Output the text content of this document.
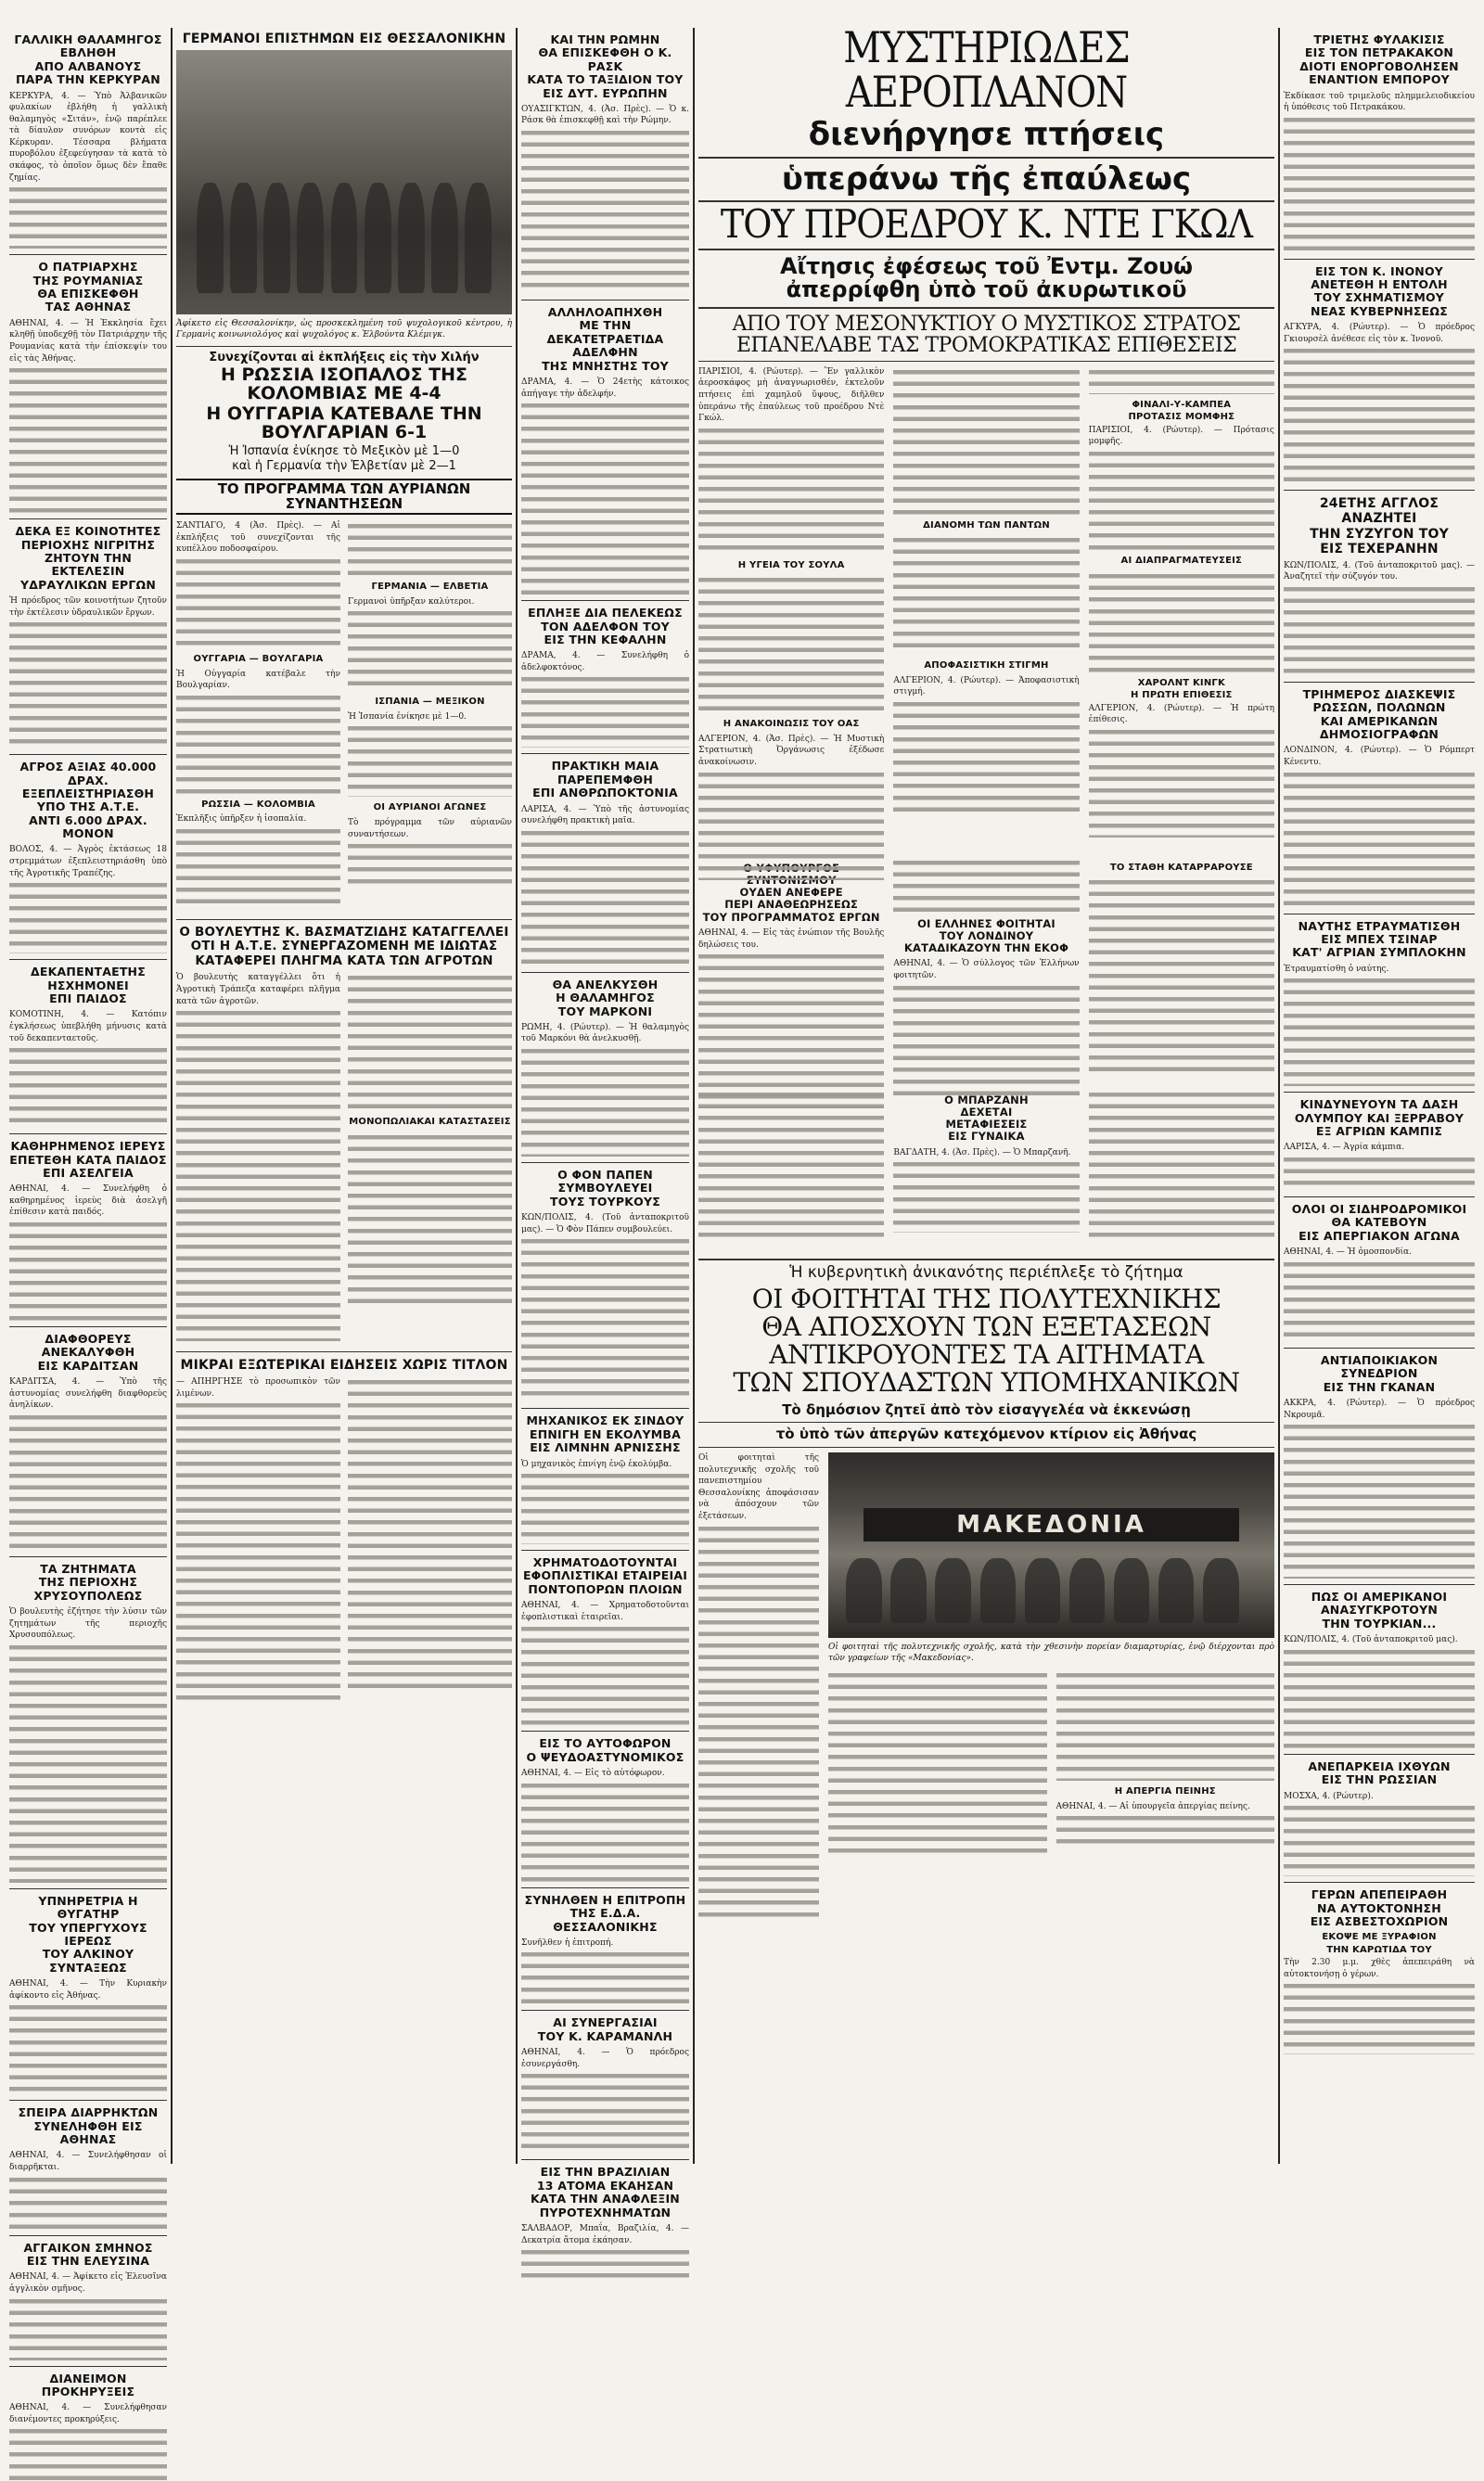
ΓΑΛΛΙΚΗ ΘΑΛΑΜΗΓΟΣ
ΕΒΛΗΘΗ
ΑΠΟ ΑΛΒΑΝΟΥΣ
ΠΑΡΑ ΤΗΝ ΚΕΡΚΥΡΑΝ

ΚΕΡΚΥΡΑ, 4. — Ὑπὸ Ἀλβανικῶν φυλακίων ἐβλήθη ἡ γαλλικὴ θαλαμηγὸς «Σιτάν», ἐνῷ παρέπλεε τὰ δίαυλον συνόρων κοντὰ εἰς Κέρκυραν. Τέσσαρα βλήματα πυροβόλου ἐξεφεύγησαν τὰ κατὰ τὸ σκάφος, τὸ ὁποῖον ὅμως δὲν ἔπαθε ζημίας.

Ο ΠΑΤΡΙΑΡΧΗΣ
ΤΗΣ ΡΟΥΜΑΝΙΑΣ
ΘΑ ΕΠΙΣΚΕΦΘΗ
ΤΑΣ ΑΘΗΝΑΣ

ΑΘΗΝΑΙ, 4. — Ἡ Ἐκκλησία ἔχει κληθῇ ὑποδεχθῇ τὸν Πατριάρχην τῆς Ρουμανίας κατὰ τὴν ἐπίσκεψίν του εἰς τὰς Ἀθήνας.

ΔΕΚΑ ΕΞ ΚΟΙΝΟΤΗΤΕΣ
ΠΕΡΙΟΧΗΣ ΝΙΓΡΙΤΗΣ
ΖΗΤΟΥΝ ΤΗΝ ΕΚΤΕΛΕΣΙΝ
ΥΔΡΑΥΛΙΚΩΝ ΕΡΓΩΝ

Ἡ πρόεδρος τῶν κοινοτήτων ζητοῦν τὴν ἐκτέλεσιν ὑδραυλικῶν ἔργων.

ΑΓΡΟΣ ΑΞΙΑΣ 40.000 ΔΡΑΧ.
ΕΞΕΠΛΕΙΣΤΗΡΙΑΣΘΗ
ΥΠΟ ΤΗΣ Α.Τ.Ε.
ΑΝΤΙ 6.000 ΔΡΑΧ. ΜΟΝΟΝ

ΒΟΛΟΣ, 4. — Ἀγρὸς ἐκτάσεως 18 στρεμμάτων ἐξεπλειστηριάσθη ὑπὸ τῆς Ἀγροτικῆς Τραπέζης.

ΔΕΚΑΠΕΝΤΑΕΤΗΣ
ΗΣΧΗΜΟΝΕΙ
ΕΠΙ ΠΑΙΔΟΣ

ΚΟΜΟΤΙΝΗ, 4. — Κατόπιν ἐγκλήσεως ὑπεβλήθη μήνυσις κατὰ τοῦ δεκαπενταετοῦς.

ΚΑΘΗΡΗΜΕΝΟΣ ΙΕΡΕΥΣ
ΕΠΕΤΕΘΗ ΚΑΤΑ ΠΑΙΔΟΣ
ΕΠΙ ΑΣΕΛΓΕΙΑ

ΑΘΗΝΑΙ, 4. — Συνελήφθη ὁ καθηρημένος ἱερεὺς διὰ ἀσελγῆ ἐπίθεσιν κατὰ παιδός.

ΔΙΑΦΘΟΡΕΥΣ
ΑΝΕΚΑΛΥΦΘΗ
ΕΙΣ ΚΑΡΔΙΤΣΑΝ

ΚΑΡΔΙΤΣΑ, 4. — Ὑπὸ τῆς ἀστυνομίας συνελήφθη διαφθορεὺς ἀνηλίκων.

ΤΑ ΖΗΤΗΜΑΤΑ
ΤΗΣ ΠΕΡΙΟΧΗΣ
ΧΡΥΣΟΥΠΟΛΕΩΣ

Ὁ βουλευτὴς ἐζήτησε τὴν λύσιν τῶν ζητημάτων τῆς περιοχῆς Χρυσουπόλεως.

ΥΠΝΗΡΕΤΡΙΑ Η ΘΥΓΑΤΗΡ
ΤΟΥ ΥΠΕΡΓΥΧΟΥΣ ΙΕΡΕΩΣ
ΤΟΥ ΑΛΚΙΝΟΥ ΣΥΝΤΑΞΕΩΣ

ΑΘΗΝΑΙ, 4. — Τὴν Κυριακὴν ἀφίκοντο εἰς Ἀθήνας.

ΣΠΕΙΡΑ ΔΙΑΡΡΗΚΤΩΝ
ΣΥΝΕΛΗΦΘΗ ΕΙΣ ΑΘΗΝΑΣ

ΑΘΗΝΑΙ, 4. — Συνελήφθησαν οἱ διαρρῆκται.

ΑΓΓΑΙΚΟΝ ΣΜΗΝΟΣ
ΕΙΣ ΤΗΝ ΕΛΕΥΣΙΝΑ

ΑΘΗΝΑΙ, 4. — Ἀφίκετο εἰς Ἐλευσῖνα ἀγγλικὸν σμῆνος.

ΔΙΑΝΕΙΜΟΝ ΠΡΟΚΗΡΥΞΕΙΣ

ΑΘΗΝΑΙ, 4. — Συνελήφθησαν διανέμοντες προκηρύξεις.

ΓΕΡΜΑΝΟΙ ΕΠΙΣΤΗΜΩΝ ΕΙΣ ΘΕΣΣΑΛΟΝΙΚΗΝ

Ἀφίκετο εἰς Θεσσαλονίκην, ὡς προσκεκλημένη τοῦ ψυχολογικοῦ κέντρου, ἡ Γερμανὶς κοινωνιολόγος καὶ ψυχολόγος κ. Ἐλβούντα Κλέμιγκ.

Συνεχίζονται αἱ ἐκπλήξεις εἰς τὴν Χιλήν
Η ΡΩΣΣΙΑ ΙΣΟΠΑΛΟΣ ΤΗΣ ΚΟΛΟΜΒΙΑΣ ΜΕ 4-4
Η ΟΥΓΓΑΡΙΑ ΚΑΤΕΒΑΛΕ ΤΗΝ ΒΟΥΛΓΑΡΙΑΝ 6-1
Ἡ Ἰσπανία ἐνίκησε τὸ Μεξικὸν μὲ 1—0
καὶ ἡ Γερμανία τὴν Ἐλβετίαν μὲ 2—1
ΤΟ ΠΡΟΓΡΑΜΜΑ ΤΩΝ ΑΥΡΙΑΝΩΝ ΣΥΝΑΝΤΗΣΕΩΝ

ΣΑΝΤΙΑΓΟ, 4 (Ἀσ. Πρὲς). — Αἱ ἐκπλήξεις τοῦ συνεχίζονται τῆς κυπέλλου ποδοσφαίρου.

ΟΥΓΓΑΡΙΑ — ΒΟΥΛΓΑΡΙΑ

Ἡ Οὐγγαρία κατέβαλε τὴν Βουλγαρίαν.

ΡΩΣΣΙΑ — ΚΟΛΟΜΒΙΑ

Ἐκπλῆξις ὑπῆρξεν ἡ ἰσοπαλία.

ΓΕΡΜΑΝΙΑ — ΕΛΒΕΤΙΑ

Γερμανοὶ ὑπῆρξαν καλύτεροι.

ΙΣΠΑΝΙΑ — ΜΕΞΙΚΟΝ

Ἡ Ἰσπανία ἐνίκησε μὲ 1—0.

ΟΙ ΑΥΡΙΑΝΟΙ ΑΓΩΝΕΣ

Τὸ πρόγραμμα τῶν αὐριανῶν συναντήσεων.

Ο ΒΟΥΛΕΥΤΗΣ Κ. ΒΑΣΜΑΤΖΙΔΗΣ ΚΑΤΑΓΓΕΛΛΕΙ
ΟΤΙ Η Α.Τ.Ε. ΣΥΝΕΡΓΑΖΟΜΕΝΗ ΜΕ ΙΔΙΩΤΑΣ
ΚΑΤΑΦΕΡΕΙ ΠΛΗΓΜΑ ΚΑΤΑ ΤΩΝ ΑΓΡΟΤΩΝ

Ὁ βουλευτὴς καταγγέλλει ὅτι ἡ Ἀγροτικὴ Τράπεζα καταφέρει πλῆγμα κατὰ τῶν ἀγροτῶν.

ΜΟΝΟΠΩΛΙΑΚΑΙ ΚΑΤΑΣΤΑΣΕΙΣ

ΜΙΚΡΑΙ ΕΞΩΤΕΡΙΚΑΙ ΕΙΔΗΣΕΙΣ ΧΩΡΙΣ ΤΙΤΛΟΝ

— ΑΠΗΡΓΗΣΕ τὸ προσωπικὸν τῶν λιμένων.

ΚΑΙ ΤΗΝ ΡΩΜΗΝ
ΘΑ ΕΠΙΣΚΕΦΘΗ Ο Κ. ΡΑΣΚ
ΚΑΤΑ ΤΟ ΤΑΞΙΔΙΟΝ ΤΟΥ
ΕΙΣ ΔΥΤ. ΕΥΡΩΠΗΝ

ΟΥΑΣΙΓΚΤΩΝ, 4. (Ἀσ. Πρὲς). — Ὁ κ. Ράσκ θὰ ἐπισκεφθῇ καὶ τὴν Ρώμην.

ΑΛΛΗΛΟΑΠΗΧΘΗ
ΜΕ ΤΗΝ ΔΕΚΑΤΕΤΡΑΕΤΙΔΑ
ΑΔΕΛΦΗΝ
ΤΗΣ ΜΝΗΣΤΗΣ ΤΟΥ

ΔΡΑΜΑ, 4. — Ὁ 24ετὴς κάτοικος ἀπήγαγε τὴν ἀδελφήν.

ΕΠΛΗΞΕ ΔΙΑ ΠΕΛΕΚΕΩΣ
ΤΟΝ ΑΔΕΛΦΟΝ ΤΟΥ
ΕΙΣ ΤΗΝ ΚΕΦΑΛΗΝ

ΔΡΑΜΑ, 4. — Συνελήφθη ὁ ἀδελφοκτόνος.

ΠΡΑΚΤΙΚΗ ΜΑΙΑ
ΠΑΡΕΠΕΜΦΘΗ
ΕΠΙ ΑΝΘΡΩΠΟΚΤΟΝΙΑ

ΛΑΡΙΣΑ, 4. — Ὑπὸ τῆς ἀστυνομίας συνελήφθη πρακτικὴ μαῖα.

ΘΑ ΑΝΕΛΚΥΣΘΗ
Η ΘΑΛΑΜΗΓΟΣ
ΤΟΥ ΜΑΡΚΟΝΙ

ΡΩΜΗ, 4. (Ρώυτερ). — Ἡ θαλαμηγὸς τοῦ Μαρκόνι θὰ ἀνελκυσθῇ.

Ο ΦΟΝ ΠΑΠΕΝ
ΣΥΜΒΟΥΛΕΥΕΙ
ΤΟΥΣ ΤΟΥΡΚΟΥΣ

ΚΩΝ/ΠΟΛΙΣ, 4. (Τοῦ ἀνταποκριτοῦ μας). — Ὁ Φὸν Πάπεν συμβουλεύει.

ΜΗΧΑΝΙΚΟΣ ΕΚ ΣΙΝΔΟΥ
ΕΠΝΙΓΗ ΕΝ ΕΚΟΛΥΜΒΑ
ΕΙΣ ΛΙΜΝΗΝ ΑΡΝΙΣΣΗΣ

Ὁ μηχανικὸς ἐπνίγη ἐνῷ ἐκολύμβα.

ΧΡΗΜΑΤΟΔΟΤΟΥΝΤΑΙ
ΕΦΟΠΛΙΣΤΙΚΑΙ ΕΤΑΙΡΕΙΑΙ
ΠΟΝΤΟΠΟΡΩΝ ΠΛΟΙΩΝ

ΑΘΗΝΑΙ, 4. — Χρηματοδοτοῦνται ἐφοπλιστικαὶ ἑταιρεῖαι.

ΕΙΣ ΤΟ ΑΥΤΟΦΩΡΟΝ
Ο ΨΕΥΔΟΑΣΤΥΝΟΜΙΚΟΣ

ΑΘΗΝΑΙ, 4. — Εἰς τὸ αὐτόφωρον.

ΣΥΝΗΛΘΕΝ Η ΕΠΙΤΡΟΠΗ
ΤΗΣ Ε.Δ.Α. ΘΕΣΣΑΛΟΝΙΚΗΣ

Συνῆλθεν ἡ ἐπιτροπή.

ΑΙ ΣΥΝΕΡΓΑΣΙΑΙ
ΤΟΥ Κ. ΚΑΡΑΜΑΝΛΗ

ΑΘΗΝΑΙ, 4. — Ὁ πρόεδρος ἐσυνεργάσθη.

ΕΙΣ ΤΗΝ ΒΡΑΖΙΛΙΑΝ
13 ΑΤΟΜΑ ΕΚΑΗΣΑΝ
ΚΑΤΑ ΤΗΝ ΑΝΑΦΛΕΞΙΝ
ΠΥΡΟΤΕΧΝΗΜΑΤΩΝ

ΣΑΛΒΑΔΟΡ, Μπαΐα, Βραζιλία, 4. — Δεκατρία ἄτομα ἐκάησαν.

ΜΥΣΤΗΡΙΩΔΕΣ ΑΕΡΟΠΛΑΝΟΝ
διενήργησε πτήσεις
ὑπεράνω τῆς ἐπαύλεως
ΤΟΥ ΠΡΟΕΔΡΟΥ Κ. ΝΤΕ ΓΚΩΛ
Αἴτησις ἐφέσεως τοῦ Ἐντμ. Ζουώ
ἀπερρίφθη ὑπὸ τοῦ ἀκυρωτικοῦ
ΑΠΟ ΤΟΥ ΜΕΣΟΝΥΚΤΙΟΥ Ο ΜΥΣΤΙΚΟΣ ΣΤΡΑΤΟΣ
ΕΠΑΝΕΛΑΒΕ ΤΑΣ ΤΡΟΜΟΚΡΑΤΙΚΑΣ ΕΠΙΘΕΣΕΙΣ

ΠΑΡΙΣΙΟΙ, 4. (Ρώυτερ). — Ἓν γαλλικὸν ἀεροσκάφος μὴ ἀναγνωρισθέν, ἐκτελοῦν πτήσεις ἐπὶ χαμηλοῦ ὕψους, διῆλθεν ὑπεράνω τῆς ἐπαύλεως τοῦ προέδρου Ντὲ Γκώλ.

Η ΥΓΕΙΑ ΤΟΥ ΣΟΥΛΑ

Η ΑΝΑΚΟΙΝΩΣΙΣ ΤΟΥ ΟΑΣ

ΑΛΓΕΡΙΟΝ, 4. (Ἀσ. Πρὲς). — Ἡ Μυστικὴ Στρατιωτικὴ Ὀργάνωσις ἐξέδωσε ἀνακοίνωσιν.

ΔΙΑΝΟΜΗ ΤΩΝ ΠΑΝΤΩΝ

ΑΠΟΦΑΣΙΣΤΙΚΗ ΣΤΙΓΜΗ

ΑΛΓΕΡΙΟΝ, 4. (Ρώυτερ). — Ἀποφασιστικὴ στιγμή.

ΦΙΝΑΛΙ-Υ-ΚΑΜΠΕΑ
ΠΡΟΤΑΣΙΣ ΜΟΜΦΗΣ

ΠΑΡΙΣΙΟΙ, 4. (Ρώυτερ). — Πρότασις μομφῆς.

ΑΙ ΔΙΑΠΡΑΓΜΑΤΕΥΣΕΙΣ

ΧΑΡΟΛΝΤ ΚΙΝΓΚ
Η ΠΡΩΤΗ ΕΠΙΘΕΣΙΣ

ΑΛΓΕΡΙΟΝ, 4. (Ρώυτερ). — Ἡ πρώτη ἐπίθεσις.

Ο ΥΦΥΠΟΥΡΓΟΣ ΣΥΝΤΟΝΙΣΜΟΥ
ΟΥΔΕΝ ΑΝΕΦΕΡΕ
ΠΕΡΙ ΑΝΑΘΕΩΡΗΣΕΩΣ
ΤΟΥ ΠΡΟΓΡΑΜΜΑΤΟΣ ΕΡΓΩΝ

ΑΘΗΝΑΙ, 4. — Εἰς τὰς ἐνώπιον τῆς Βουλῆς δηλώσεις του.

ΟΙ ΕΛΛΗΝΕΣ ΦΟΙΤΗΤΑΙ
ΤΟΥ ΛΟΝΔΙΝΟΥ
ΚΑΤΑΔΙΚΑΖΟΥΝ ΤΗΝ ΕΚΟΦ

ΑΘΗΝΑΙ, 4. — Ὁ σύλλογος τῶν Ἑλλήνων φοιτητῶν.

ΤΟ ΣΤΑΘΗ ΚΑΤΑΡΡΑΡΟΥΣΕ

Ο ΜΠΑΡΖΑΝΗ
ΔΕΧΕΤΑΙ
ΜΕΤΑΦΙΕΣΕΙΣ
ΕΙΣ ΓΥΝΑΙΚΑ

ΒΑΓΔΑΤΗ, 4. (Ἀσ. Πρὲς). — Ὁ Μπαρζανῆ.

Ἡ κυβερνητικὴ ἀνικανότης περιέπλεξε τὸ ζήτημα
ΟΙ ΦΟΙΤΗΤΑΙ ΤΗΣ ΠΟΛΥΤΕΧΝΙΚΗΣ
ΘΑ ΑΠΟΣΧΟΥΝ ΤΩΝ ΕΞΕΤΑΣΕΩΝ
ΑΝΤΙΚΡΟΥΟΝΤΕΣ ΤΑ ΑΙΤΗΜΑΤΑ
ΤΩΝ ΣΠΟΥΔΑΣΤΩΝ ΥΠΟΜΗΧΑΝΙΚΩΝ
Τὸ δημόσιον ζητεῖ ἀπὸ τὸν εἰσαγγελέα νὰ ἐκκενώσῃ
τὸ ὑπὸ τῶν ἀπεργῶν κατεχόμενον κτίριον εἰς Ἀθήνας

Οἱ φοιτηταὶ τῆς πολυτεχνικῆς σχολῆς τοῦ πανεπιστημίου Θεσσαλονίκης ἀποφάσισαν νὰ ἀπόσχουν τῶν ἐξετάσεων.	ΜΑΚΕΔΟΝΙΑ

Οἱ φοιτηταὶ τῆς πολυτεχνικῆς σχολῆς, κατὰ τὴν χθεσινὴν πορείαν διαμαρτυρίας, ἐνῷ διέρχονται πρὸ τῶν γραφείων τῆς «Μακεδονίας».

Η ΑΠΕΡΓΙΑ ΠΕΙΝΗΣ

ΑΘΗΝΑΙ, 4. — Αἱ ὑπουργεῖα ἀπεργίας πείνης.

ΤΡΙΕΤΗΣ ΦΥΛΑΚΙΣΙΣ
ΕΙΣ ΤΟΝ ΠΕΤΡΑΚΑΚΟΝ
ΔΙΟΤΙ ΕΝΟΡΓΟΒΟΛΗΣΕΝ
ΕΝΑΝΤΙΟΝ ΕΜΠΟΡΟΥ

Ἐκδίκασε τοῦ τριμελοῦς πλημμελειοδικείου ἡ ὑπόθεσις τοῦ Πετρακάκου.

ΕΙΣ ΤΟΝ Κ. ΙΝΟΝΟΥ
ΑΝΕΤΕΘΗ Η ΕΝΤΟΛΗ
ΤΟΥ ΣΧΗΜΑΤΙΣΜΟΥ
ΝΕΑΣ ΚΥΒΕΡΝΗΣΕΩΣ

ΑΓΚΥΡΑ, 4. (Ρώυτερ). — Ὁ πρόεδρος Γκιουρσὲλ ἀνέθεσε εἰς τὸν κ. Ἰνονοῦ.

24ΕΤΗΣ ΑΓΓΛΟΣ
ΑΝΑΖΗΤΕΙ
ΤΗΝ ΣΥΖΥΓΟΝ ΤΟΥ
ΕΙΣ ΤΕΧΕΡΑΝΗΝ

ΚΩΝ/ΠΟΛΙΣ, 4. (Τοῦ ἀνταποκριτοῦ μας). — Ἀναζητεῖ τὴν σύζυγόν του.

ΤΡΙΗΜΕΡΟΣ ΔΙΑΣΚΕΨΙΣ
ΡΩΣΣΩΝ, ΠΟΛΩΝΩΝ
ΚΑΙ ΑΜΕΡΙΚΑΝΩΝ
ΔΗΜΟΣΙΟΓΡΑΦΩΝ

ΛΟΝΔΙΝΟΝ, 4. (Ρώυτερ). — Ὁ Ρόμπερτ Κένεντυ.

ΝΑΥΤΗΣ ΕΤΡΑΥΜΑΤΙΣΘΗ
ΕΙΣ ΜΠΕΧ ΤΣΙΝΑΡ
ΚΑΤ' ΑΓΡΙΑΝ ΣΥΜΠΛΟΚΗΝ

Ἐτραυματίσθη ὁ ναύτης.

ΚΙΝΔΥΝΕΥΟΥΝ ΤΑ ΔΑΣΗ
ΟΛΥΜΠΟΥ ΚΑΙ ΞΕΡΡΑΒΟΥ
ΕΞ ΑΓΡΙΩΝ ΚΑΜΠΙΣ

ΛΑΡΙΣΑ, 4. — Ἀγρία κάμπια.

ΟΛΟΙ ΟΙ ΣΙΔΗΡΟΔΡΟΜΙΚΟΙ
ΘΑ ΚΑΤΕΒΟΥΝ
ΕΙΣ ΑΠΕΡΓΙΑΚΟΝ ΑΓΩΝΑ

ΑΘΗΝΑΙ, 4. — Ἡ ὁμοσπονδία.

ΑΝΤΙΑΠΟΙΚΙΑΚΟΝ
ΣΥΝΕΔΡΙΟΝ
ΕΙΣ ΤΗΝ ΓΚΑΝΑΝ

ΑΚΚΡΑ, 4. (Ρώυτερ). — Ὁ πρόεδρος Νκρουμᾶ.

ΠΩΣ ΟΙ ΑΜΕΡΙΚΑΝΟΙ
ΑΝΑΣΥΓΚΡΟΤΟΥΝ
ΤΗΝ ΤΟΥΡΚΙΑΝ...

ΚΩΝ/ΠΟΛΙΣ, 4. (Τοῦ ἀνταποκριτοῦ μας).

ΑΝΕΠΑΡΚΕΙΑ ΙΧΘΥΩΝ
ΕΙΣ ΤΗΝ ΡΩΣΣΙΑΝ

ΜΟΣΧΑ, 4. (Ρώυτερ).

ΓΕΡΩΝ ΑΠΕΠΕΙΡΑΘΗ
ΝΑ ΑΥΤΟΚΤΟΝΗΣΗ
ΕΙΣ ΑΣΒΕΣΤΟΧΩΡΙΟΝ
ΕΚΟΨΕ ΜΕ ΞΥΡΑΦΙΟΝ
ΤΗΝ ΚΑΡΩΤΙΔΑ ΤΟΥ

Τὴν 2.30 μ.μ. χθὲς ἀπεπειράθη νὰ αὐτοκτονήσῃ ὁ γέρων.
